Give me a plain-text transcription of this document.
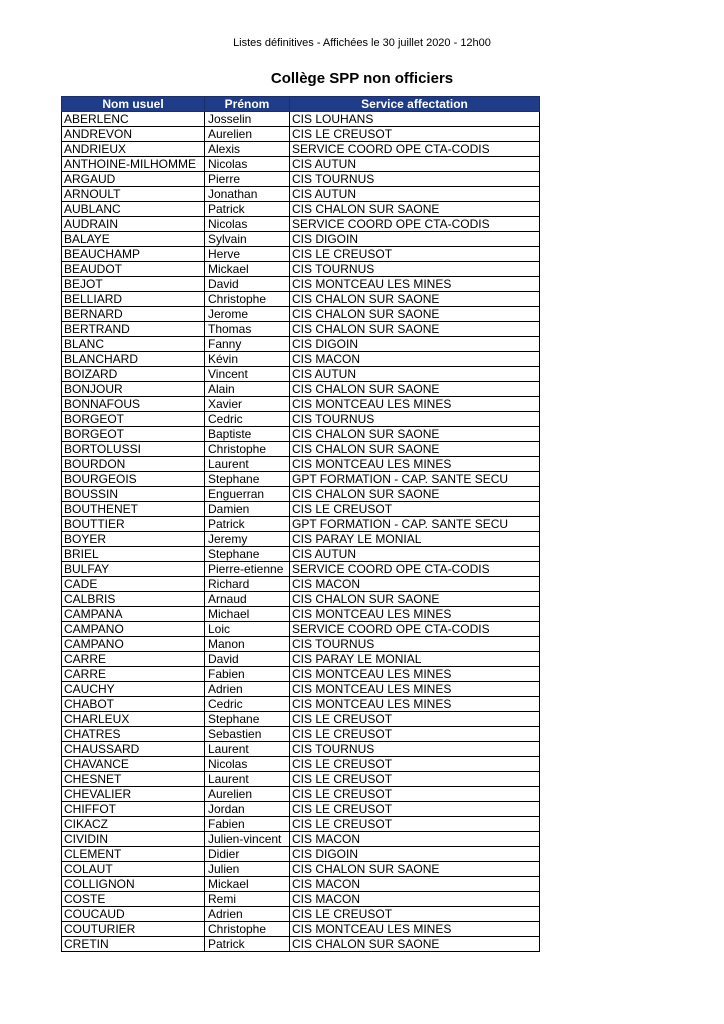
Listes définitives - Affichées le 30 juillet 2020 - 12h00
Collège SPP non officiers
Nom usuel	Prénom	Service affectation
ABERLENC	Josselin	CIS LOUHANS
ANDREVON	Aurelien	CIS LE CREUSOT
ANDRIEUX	Alexis	SERVICE COORD OPE CTA-CODIS
ANTHOINE-MILHOMME	Nicolas	CIS AUTUN
ARGAUD	Pierre	CIS TOURNUS
ARNOULT	Jonathan	CIS AUTUN
AUBLANC	Patrick	CIS CHALON SUR SAONE
AUDRAIN	Nicolas	SERVICE COORD OPE CTA-CODIS
BALAYE	Sylvain	CIS DIGOIN
BEAUCHAMP	Herve	CIS LE CREUSOT
BEAUDOT	Mickael	CIS TOURNUS
BEJOT	David	CIS MONTCEAU LES MINES
BELLIARD	Christophe	CIS CHALON SUR SAONE
BERNARD	Jerome	CIS CHALON SUR SAONE
BERTRAND	Thomas	CIS CHALON SUR SAONE
BLANC	Fanny	CIS DIGOIN
BLANCHARD	Kévin	CIS MACON
BOIZARD	Vincent	CIS AUTUN
BONJOUR	Alain	CIS CHALON SUR SAONE
BONNAFOUS	Xavier	CIS MONTCEAU LES MINES
BORGEOT	Cedric	CIS TOURNUS
BORGEOT	Baptiste	CIS CHALON SUR SAONE
BORTOLUSSI	Christophe	CIS CHALON SUR SAONE
BOURDON	Laurent	CIS MONTCEAU LES MINES
BOURGEOIS	Stephane	GPT FORMATION - CAP. SANTE SECU
BOUSSIN	Enguerran	CIS CHALON SUR SAONE
BOUTHENET	Damien	CIS LE CREUSOT
BOUTTIER	Patrick	GPT FORMATION - CAP. SANTE SECU
BOYER	Jeremy	CIS PARAY LE MONIAL
BRIEL	Stephane	CIS AUTUN
BULFAY	Pierre-etienne	SERVICE COORD OPE CTA-CODIS
CADE	Richard	CIS MACON
CALBRIS	Arnaud	CIS CHALON SUR SAONE
CAMPANA	Michael	CIS MONTCEAU LES MINES
CAMPANO	Loic	SERVICE COORD OPE CTA-CODIS
CAMPANO	Manon	CIS TOURNUS
CARRE	David	CIS PARAY LE MONIAL
CARRE	Fabien	CIS MONTCEAU LES MINES
CAUCHY	Adrien	CIS MONTCEAU LES MINES
CHABOT	Cedric	CIS MONTCEAU LES MINES
CHARLEUX	Stephane	CIS LE CREUSOT
CHATRES	Sebastien	CIS LE CREUSOT
CHAUSSARD	Laurent	CIS TOURNUS
CHAVANCE	Nicolas	CIS LE CREUSOT
CHESNET	Laurent	CIS LE CREUSOT
CHEVALIER	Aurelien	CIS LE CREUSOT
CHIFFOT	Jordan	CIS LE CREUSOT
CIKACZ	Fabien	CIS LE CREUSOT
CIVIDIN	Julien-vincent	CIS MACON
CLEMENT	Didier	CIS DIGOIN
COLAUT	Julien	CIS CHALON SUR SAONE
COLLIGNON	Mickael	CIS MACON
COSTE	Remi	CIS MACON
COUCAUD	Adrien	CIS LE CREUSOT
COUTURIER	Christophe	CIS MONTCEAU LES MINES
CRETIN	Patrick	CIS CHALON SUR SAONE
